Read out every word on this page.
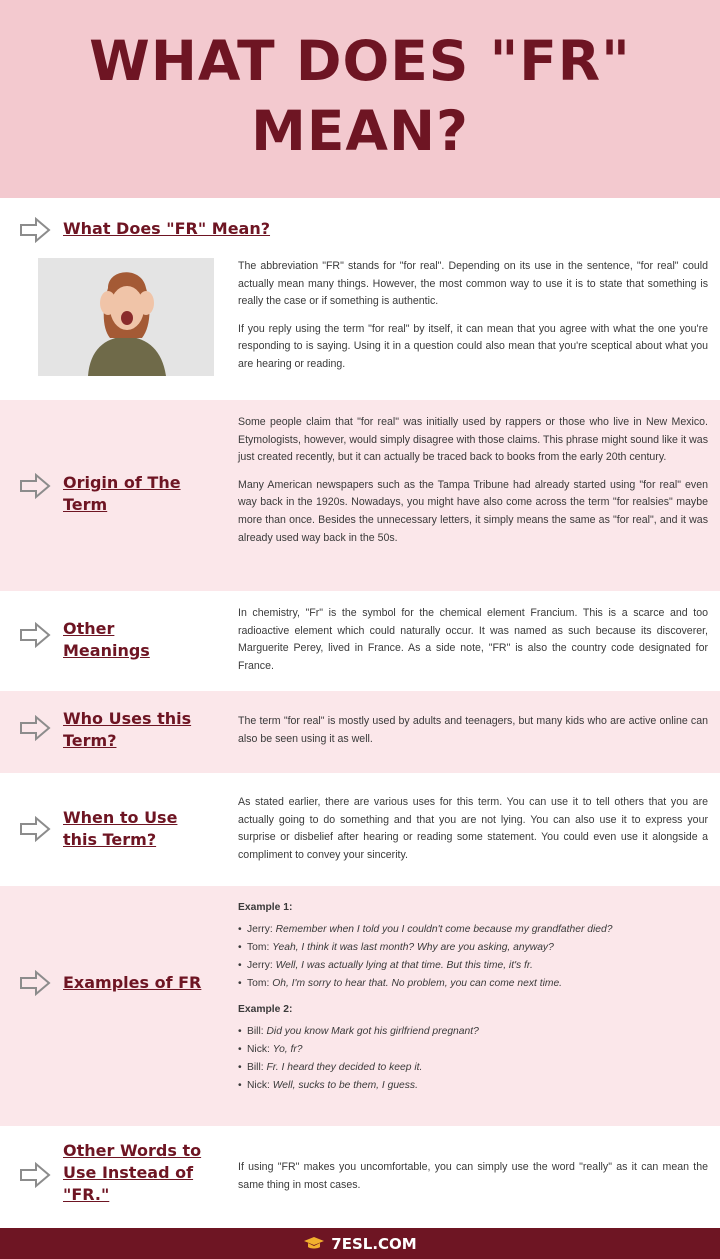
WHAT DOES "FR"
MEAN?
What Does "FR" Mean?

The abbreviation "FR" stands for "for real". Depending on its use in the sentence, "for real" could actually mean many things. However, the most common way to use it is to state that something is really the case or if something is authentic.

If you reply using the term "for real" by itself, it can mean that you agree with what the one you're responding to is saying. Using it in a question could also mean that you're sceptical about what you are hearing or reading.

Origin of The Term

Some people claim that "for real" was initially used by rappers or those who live in New Mexico. Etymologists, however, would simply disagree with those claims. This phrase might sound like it was just created recently, but it can actually be traced back to books from the early 20th century.

Many American newspapers such as the Tampa Tribune had already started using "for real" even way back in the 1920s. Nowadays, you might have also come across the term "for realsies" maybe more than once. Besides the unnecessary letters, it simply means the same as "for real", and it was already used way back in the 50s.

Other Meanings

In chemistry, "Fr" is the symbol for the chemical element Francium. This is a scarce and too radioactive element which could naturally occur. It was named as such because its discoverer, Marguerite Perey, lived in France. As a side note, "FR" is also the country code designated for France.

Who Uses this Term?

The term "for real" is mostly used by adults and teenagers, but many kids who are active online can also be seen using it as well.

When to Use this Term?

As stated earlier, there are various uses for this term. You can use it to tell others that you are actually going to do something and that you are not lying. You can also use it to express your surprise or disbelief after hearing or reading some statement. You could even use it alongside a compliment to convey your sincerity.

Examples of FR
Example 1:
• Jerry: Remember when I told you I couldn't come because my grandfather died?
• Tom: Yeah, I think it was last month? Why are you asking, anyway?
• Jerry: Well, I was actually lying at that time. But this time, it's fr.
• Tom: Oh, I'm sorry to hear that. No problem, you can come next time.
Example 2:
• Bill: Did you know Mark got his girlfriend pregnant?
• Nick: Yo, fr?
• Bill: Fr. I heard they decided to keep it.
• Nick: Well, sucks to be them, I guess.
Other Words to Use Instead of "FR."

If using "FR" makes you uncomfortable, you can simply use the word "really" as it can mean the same thing in most cases.

7ESL.COM
